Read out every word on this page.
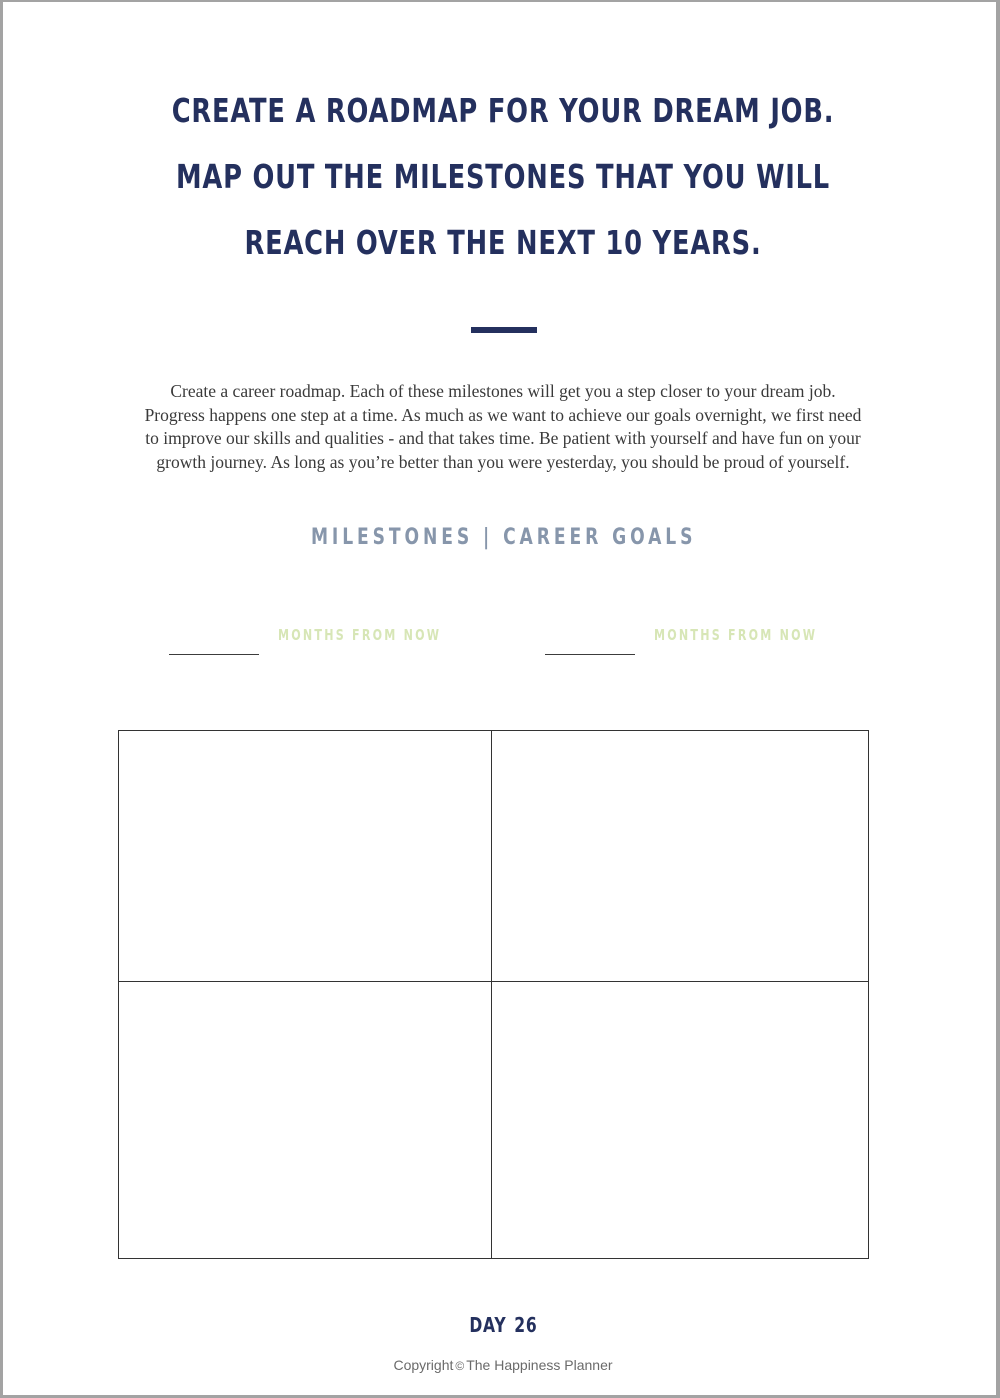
CREATE A ROADMAP FOR YOUR DREAM JOB.
MAP OUT THE MILESTONES THAT YOU WILL
REACH OVER THE NEXT 10 YEARS.
Create a career roadmap. Each of these milestones will get you a step closer to your dream job.
Progress happens one step at a time. As much as we want to achieve our goals overnight, we first need
to improve our skills and qualities - and that takes time. Be patient with yourself and have fun on your
growth journey. As long as you’re better than you were yesterday, you should be proud of yourself.
MILESTONES | CAREER GOALS
MONTHS FROM NOW	MONTHS FROM NOW
DAY 26
Copyright © The Happiness Planner
